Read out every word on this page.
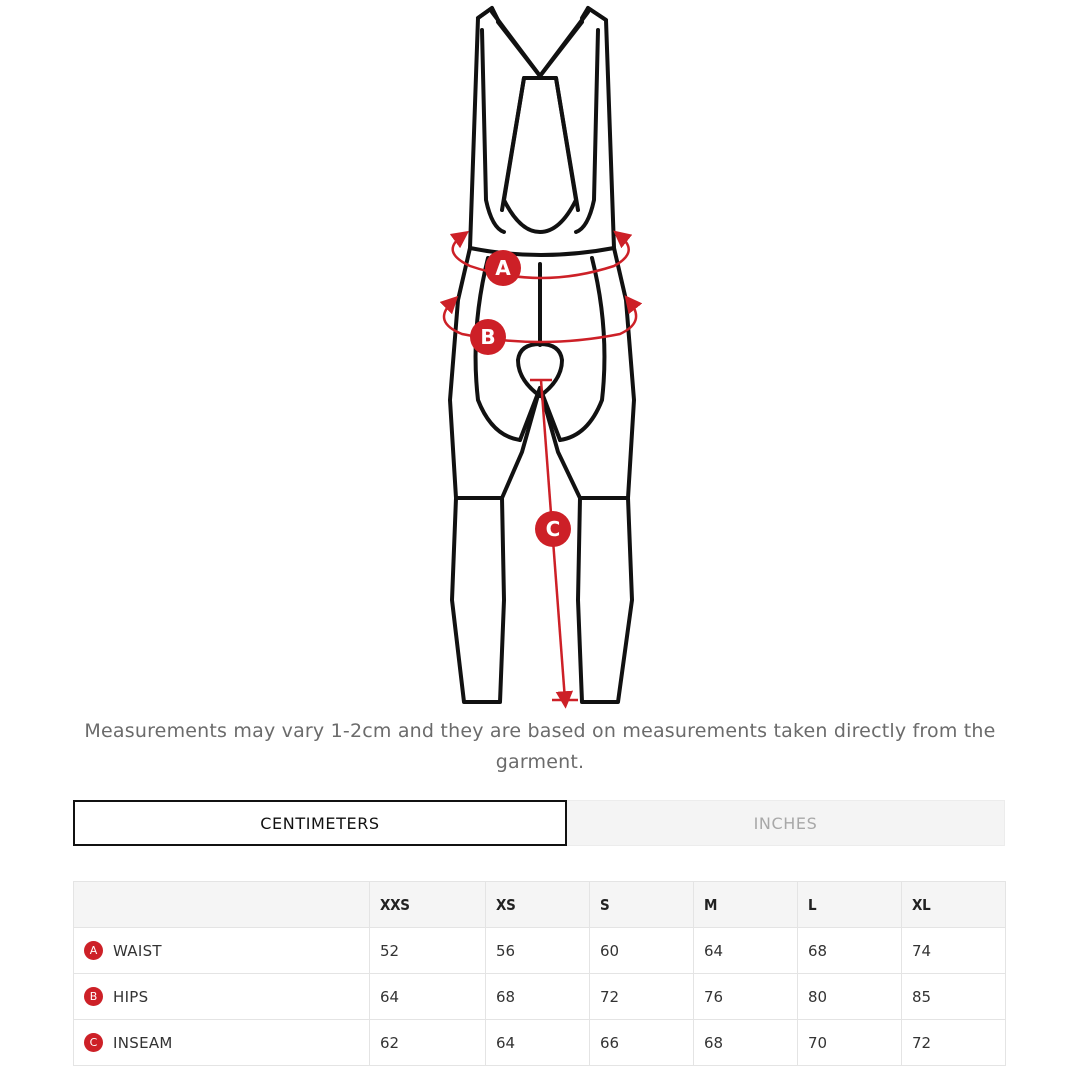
A
B
C
Measurements may vary 1-2cm and they are based on measurements taken directly from the garment.
CENTIMETERS	INCHES
	XXS	XS	S	M	L	XL

A WAIST	52	56	60	64	68	74

B HIPS	64	68	72	76	80	85

C INSEAM	62	64	66	68	70	72
